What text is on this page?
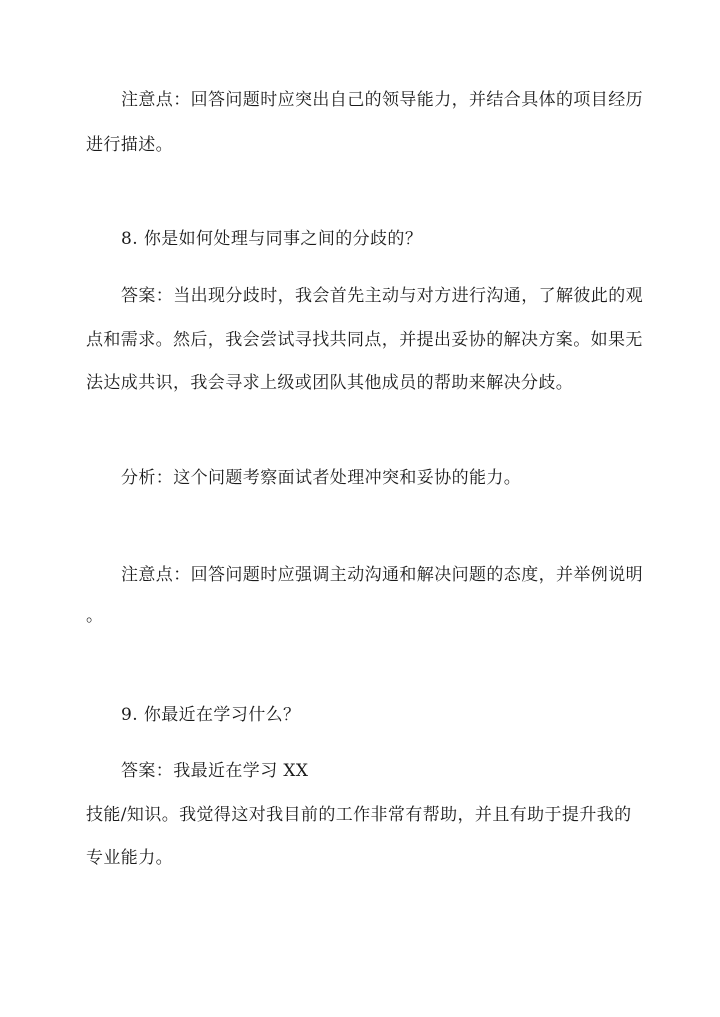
注意点：回答问题时应突出自己的领导能力，并结合具体的项目经历
进行描述。
8. 你是如何处理与同事之间的分歧的？
答案：当出现分歧时，我会首先主动与对方进行沟通，了解彼此的观
点和需求。然后，我会尝试寻找共同点，并提出妥协的解决方案。如果无
法达成共识，我会寻求上级或团队其他成员的帮助来解决分歧。
分析：这个问题考察面试者处理冲突和妥协的能力。
注意点：回答问题时应强调主动沟通和解决问题的态度，并举例说明
。
9. 你最近在学习什么？
答案：我最近在学习 XX
技能/知识。我觉得这对我目前的工作非常有帮助，并且有助于提升我的
专业能力。
